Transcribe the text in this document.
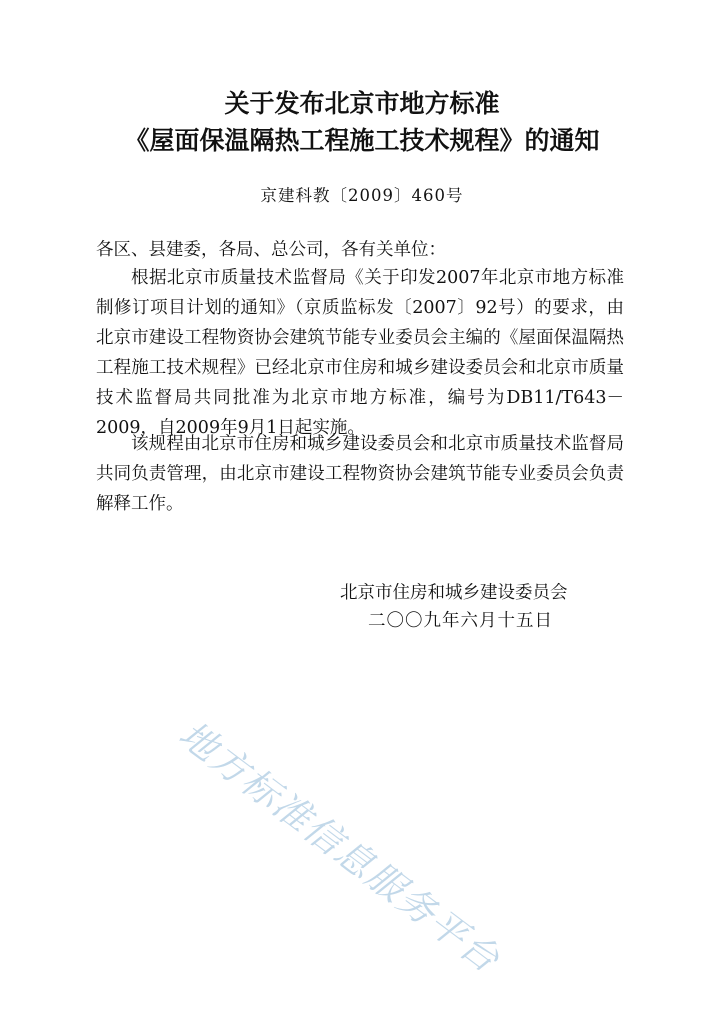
关于发布北京市地方标准
《屋面保温隔热工程施工技术规程》的通知
京建科教〔2009〕460号
各区、县建委，各局、总公司，各有关单位：
根据北京市质量技术监督局《关于印发2007年北京市地方标准制修订项目计划的通知》（京质监标发〔2007〕92号）的要求，由北京市建设工程物资协会建筑节能专业委员会主编的《屋面保温隔热工程施工技术规程》已经北京市住房和城乡建设委员会和北京市质量技术监督局共同批准为北京市地方标准，编号为DB11/T643－2009，自2009年9月1日起实施。
该规程由北京市住房和城乡建设委员会和北京市质量技术监督局共同负责管理，由北京市建设工程物资协会建筑节能专业委员会负责解释工作。
北京市住房和城乡建设委员会
二〇〇九年六月十五日
地方标准信息服务平台
